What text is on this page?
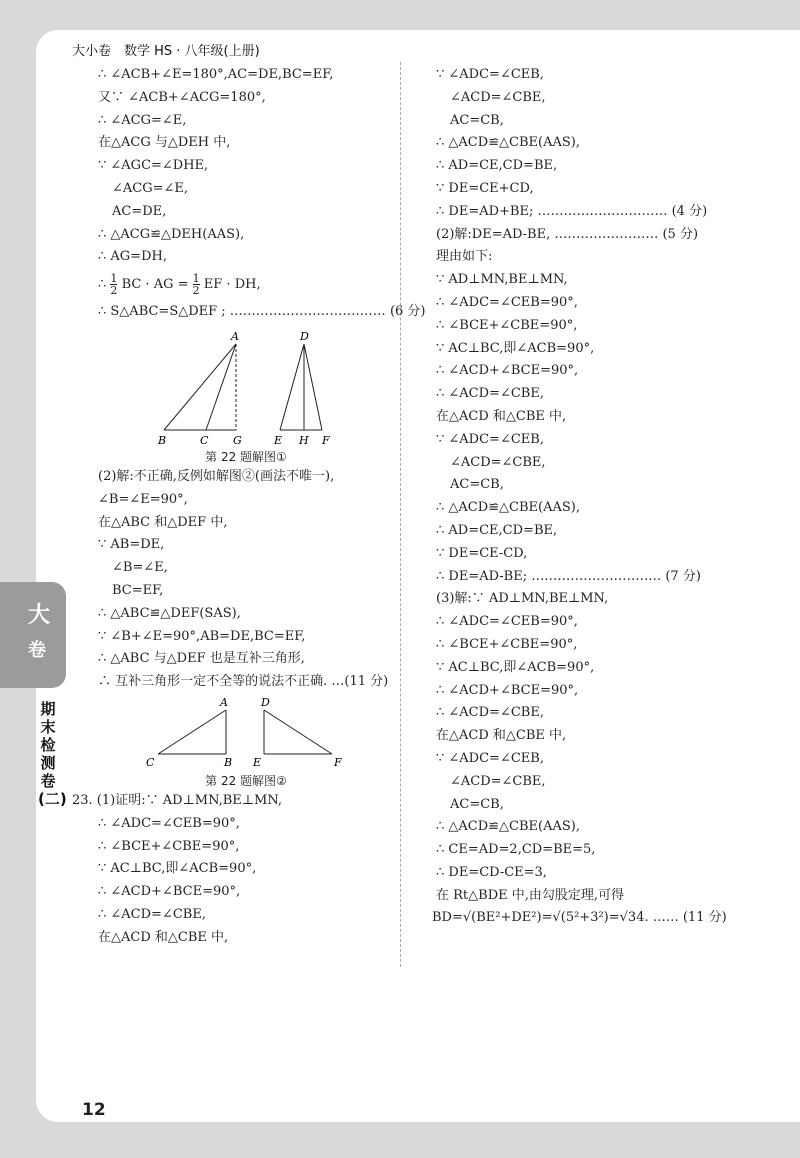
大小卷　数学 HS · 八年级(上册)
∴ ∠ACB+∠E=180°,AC=DE,BC=EF,
又∵ ∠ACB+∠ACG=180°,
∴ ∠ACG=∠E,
在△ACG 与△DEH 中,
∵ ∠AGC=∠DHE,
∠ACG=∠E,
AC=DE,
∴ △ACG≌△DEH(AAS),
∴ AG=DH,
∴ $\frac{1}{2}$ BC · AG = $\frac{1}{2}$ EF · DH,
∴ S△ABC=S△DEF ; ……………………………… (6 分)
A
B	C G
D
E H F
第 22 题解图①
(2)解:不正确,反例如解图②(画法不唯一),
∠B=∠E=90°,
在△ABC 和△DEF 中,
∵ AB=DE,
∠B=∠E,
BC=EF,
∴ △ABC≌△DEF(SAS),
∵ ∠B+∠E=90°,AB=DE,BC=EF,
∴ △ABC 与△DEF 也是互补三角形,
∴ 互补三角形一定不全等的说法不正确. …(11 分)
A
C	B
D
E	F
第 22 题解图②
23. (1)证明:∵ AD⊥MN,BE⊥MN,
∴ ∠ADC=∠CEB=90°,
∴ ∠BCE+∠CBE=90°,
∵ AC⊥BC,即∠ACB=90°,
∴ ∠ACD+∠BCE=90°,
∴ ∠ACD=∠CBE,
在△ACD 和△CBE 中,
∵ ∠ADC=∠CEB,
∠ACD=∠CBE,
AC=CB,
∴ △ACD≌△CBE(AAS),
∴ AD=CE,CD=BE,
∵ DE=CE+CD,
∴ DE=AD+BE; ………………………… (4 分)
(2)解:DE=AD-BE, …………………… (5 分)
理由如下:
∵ AD⊥MN,BE⊥MN,
∴ ∠ADC=∠CEB=90°,
∴ ∠BCE+∠CBE=90°,
∵ AC⊥BC,即∠ACB=90°,
∴ ∠ACD+∠BCE=90°,
∴ ∠ACD=∠CBE,
在△ACD 和△CBE 中,
∵ ∠ADC=∠CEB,
∠ACD=∠CBE,
AC=CB,
∴ △ACD≌△CBE(AAS),
∴ AD=CE,CD=BE,
∵ DE=CE-CD,
∴ DE=AD-BE; ………………………… (7 分)
(3)解:∵ AD⊥MN,BE⊥MN,
∴ ∠ADC=∠CEB=90°,
∴ ∠BCE+∠CBE=90°,
∵ AC⊥BC,即∠ACB=90°,
∴ ∠ACD+∠BCE=90°,
∴ ∠ACD=∠CBE,
在△ACD 和△CBE 中,
∵ ∠ADC=∠CEB,
∠ACD=∠CBE,
AC=CB,
∴ △ACD≌△CBE(AAS),
∴ CE=AD=2,CD=BE=5,
∴ DE=CD-CE=3,
在 Rt△BDE 中,由勾股定理,可得
BD=√(BE²+DE²)=√(5²+3²)=√34. …… (11 分)
大
卷
期末检测卷(二)
12
